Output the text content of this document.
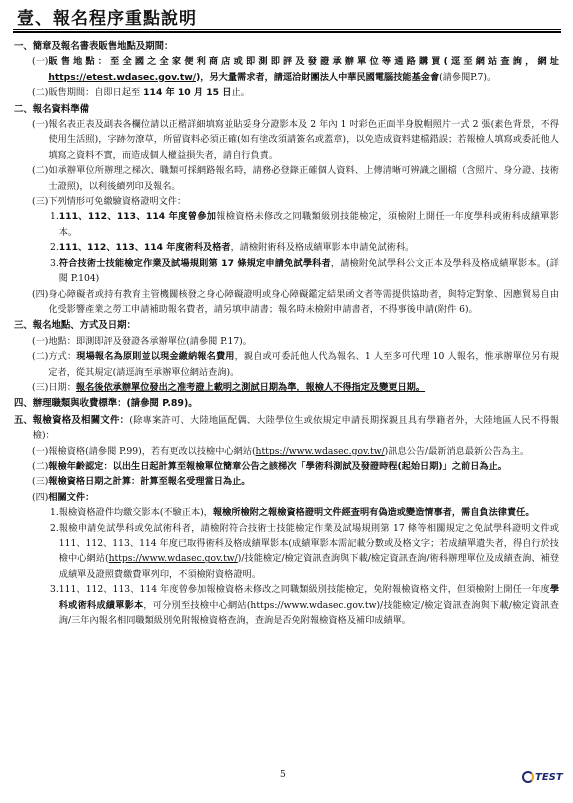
壹、報名程序重點說明
一、 簡章及報名書表販售地點及期間：
(一) 販售地點：至全國之全家便利商店或即測即評及發證承辦單位等通路購買(逕至網站查詢，網址 https://etest.wdasec.gov.tw/)，另大量需求者，請逕洽財團法人中華民國電腦技能基金會(請參閱P.7)。
(二) 販售期間：自即日起至 114 年 10 月 15 日止。
二、 報名資料準備
(一) 報名表正表及副表各欄位請以正楷詳細填寫並貼妥身分證影本及 2 年內 1 吋彩色正面半身脫帽照片一式 2 張(素色背景，不得使用生活照)，字跡勿潦草，所留資料必須正確(如有塗改須請簽名或蓋章)，以免造成資料建檔錯誤；若報檢人填寫或委託他人填寫之資料不實，而造成個人權益損失者，請自行負責。
(二) 如承辦單位所辦理之梯次、職類可採網路報名時，請務必登錄正確個人資料、上傳清晰可辨識之圖檔（含照片、身分證、技術士證照)，以利後續列印及報名。
(三) 下列情形可免繳驗資格證明文件：
1. 111、112、113、114 年度曾參加報檢資格未修改之同職類級別技能檢定，須檢附上開任一年度學科或術科成績單影本。
2. 111、112、113、114 年度術科及格者，請檢附術科及格成績單影本申請免試術科。
3. 符合技術士技能檢定作業及試場規則第 17 條規定申請免試學科者，請檢附免試學科公文正本及學科及格成績單影本。(詳閱 P.104)
(四) 身心障礙者或持有教育主管機關核發之身心障礙證明或身心障礙鑑定結果函文者等需提供協助者，與特定對象、因應貿易自由化受影響產業之勞工申請補助報名費者，請另填申請書；報名時未檢附申請書者，不得事後申請(附件 6)。
三、 報名地點、方式及日期：
(一) 地點：即測即評及發證各承辦單位(請參閱 P.17)。
(二) 方式：現場報名為原則並以現金繳納報名費用，親自或可委託他人代為報名、1 人至多可代理 10 人報名，惟承辦單位另有規定者，從其規定(請逕詢至承辦單位網站查詢)。
(三) 日期：報名後依承辦單位發出之准考證上載明之測試日期為準，報檢人不得指定及變更日期。
四、 辦理職類與收費標準：(請參閱 P.89)。
五、 報檢資格及相關文件：(除專案許可、大陸地區配偶、大陸學位生或依規定申請長期探親且具有學籍者外，大陸地區人民不得報檢)：
(一) 報檢資格(請參閱 P.99)，若有更改以技檢中心網站(https://www.wdasec.gov.tw/)訊息公告/最新消息最新公告為主。
(二) 報檢年齡認定：以出生日起計算至報檢單位簡章公告之該梯次「學術科測試及發證時程(起始日期)」之前日為止。
(三) 報檢資格日期之計算：計算至報名受理當日為止。
(四) 相關文件：
1. 報檢資格證件均繳交影本(不驗正本)，報檢所檢附之報檢資格證明文件經查明有偽造或變造情事者，需自負法律責任。
2. 報檢申請免試學科或免試術科者，請檢附符合技術士技能檢定作業及試場規則第 17 條等相關規定之免試學科證明文件或 111、112、113、114 年度已取得術科及格成績單影本(成績單影本需記載分數或及格文字；若成績單遺失者，得自行於技檢中心網站(https://www.wdasec.gov.tw/)/技能檢定/檢定資訊查詢與下載/檢定資訊查詢/術科辦理單位及成績查詢、補登成績單及證照費繳費單列印，不須檢附資格證明。
3. 111、112、113、114 年度曾參加報檢資格未修改之同職類級別技能檢定，免附報檢資格文件，但須檢附上開任一年度學科或術科成績單影本，可分別至技檢中心網站(https://www.wdasec.gov.tw)/技能檢定/檢定資訊查詢與下載/檢定資訊查詢/三年內報名相同職類級別免附報檢資格查詢，查詢是否免附報檢資格及補印成績單。
5	TEST
